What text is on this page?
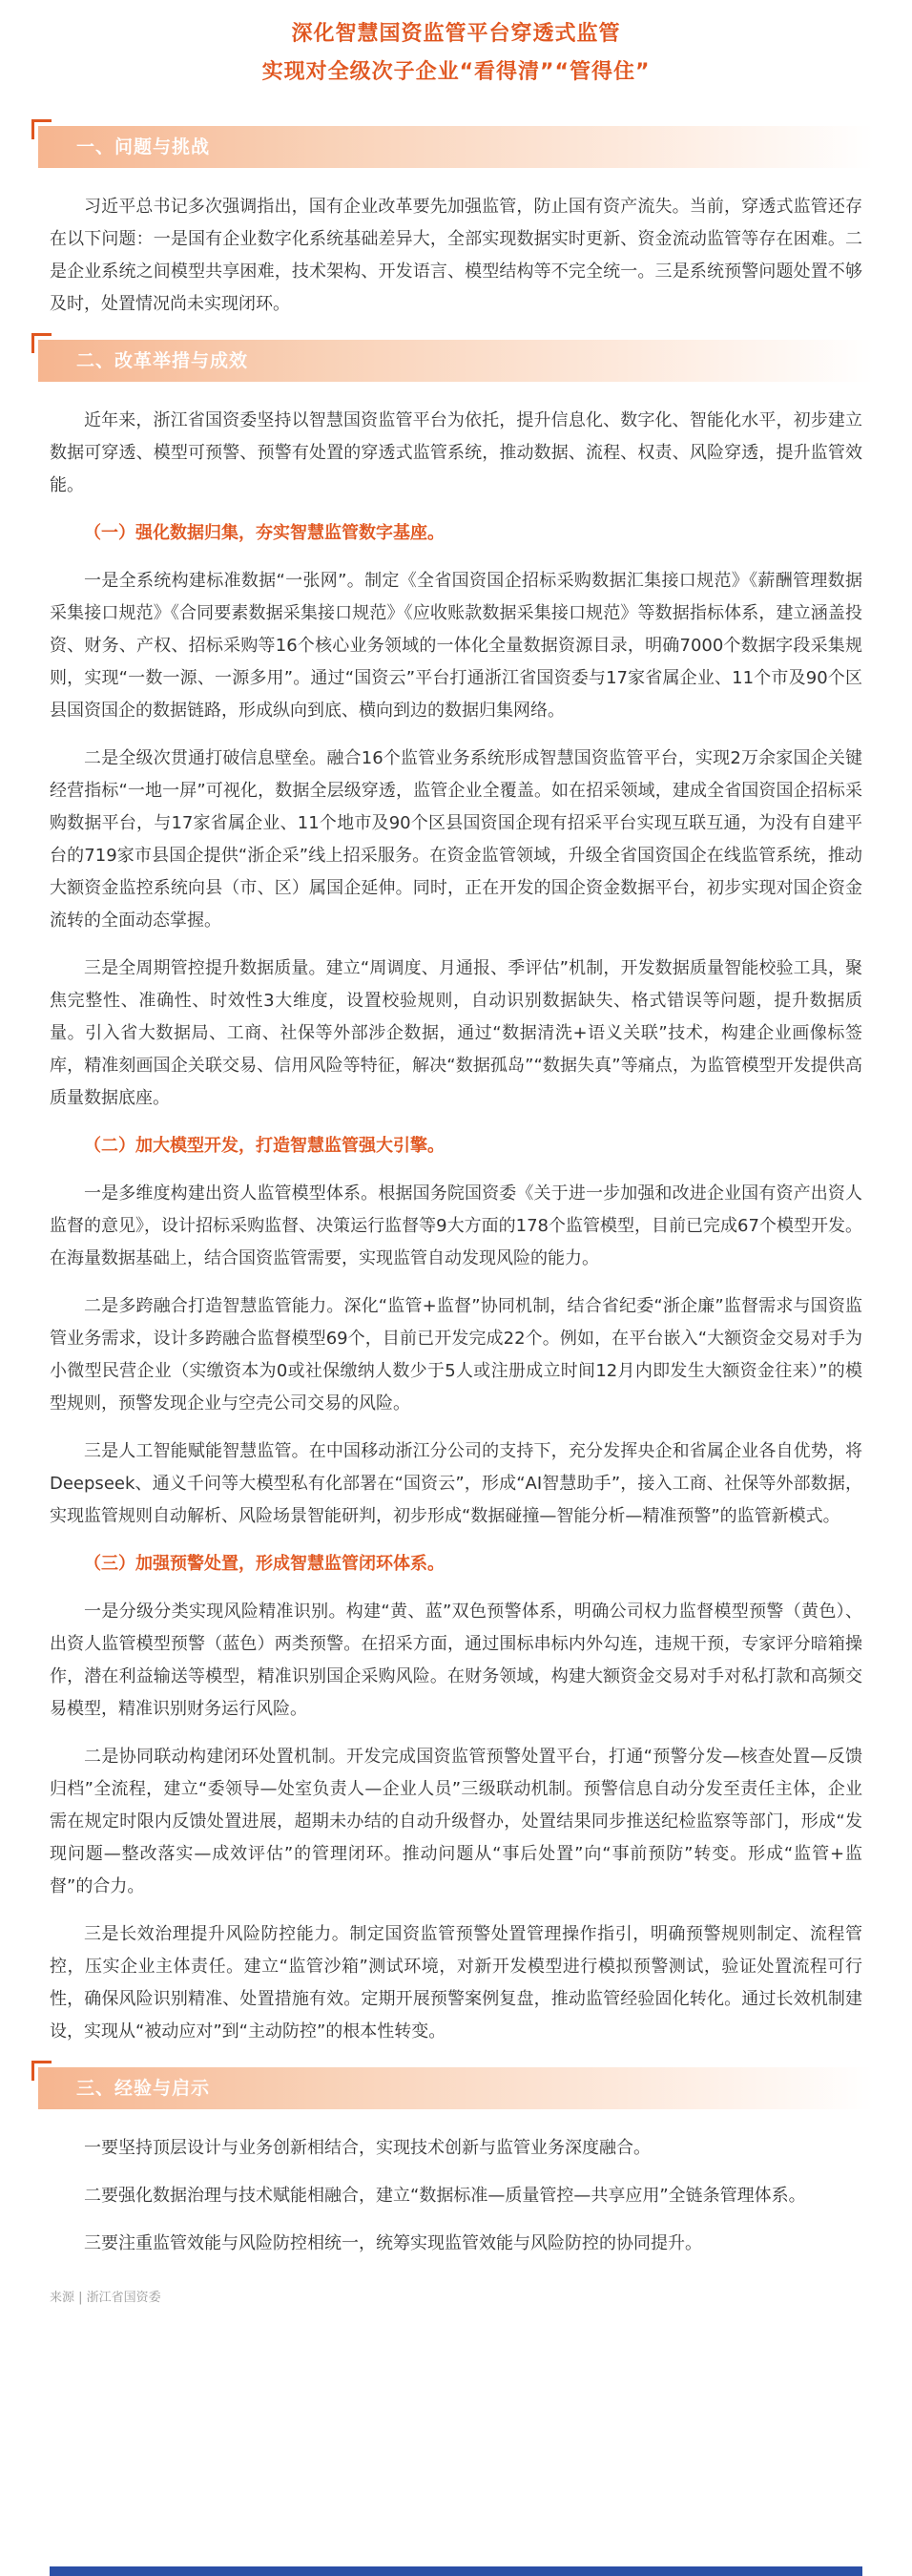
深化智慧国资监管平台穿透式监管
实现对全级次子企业“看得清”“管得住”
一、问题与挑战

习近平总书记多次强调指出，国有企业改革要先加强监管，防止国有资产流失。当前，穿透式监管还存在以下问题：一是国有企业数字化系统基础差异大，全部实现数据实时更新、资金流动监管等存在困难。二是企业系统之间模型共享困难，技术架构、开发语言、模型结构等不完全统一。三是系统预警问题处置不够及时，处置情况尚未实现闭环。

二、改革举措与成效

近年来，浙江省国资委坚持以智慧国资监管平台为依托，提升信息化、数字化、智能化水平，初步建立数据可穿透、模型可预警、预警有处置的穿透式监管系统，推动数据、流程、权责、风险穿透，提升监管效能。

（一）强化数据归集，夯实智慧监管数字基座。

一是全系统构建标准数据“一张网”。制定《全省国资国企招标采购数据汇集接口规范》《薪酬管理数据采集接口规范》《合同要素数据采集接口规范》《应收账款数据采集接口规范》等数据指标体系，建立涵盖投资、财务、产权、招标采购等16个核心业务领域的一体化全量数据资源目录，明确7000个数据字段采集规则，实现“一数一源、一源多用”。通过“国资云”平台打通浙江省国资委与17家省属企业、11个市及90个区县国资国企的数据链路，形成纵向到底、横向到边的数据归集网络。

二是全级次贯通打破信息壁垒。融合16个监管业务系统形成智慧国资监管平台，实现2万余家国企关键经营指标“一地一屏”可视化，数据全层级穿透，监管企业全覆盖。如在招采领域，建成全省国资国企招标采购数据平台，与17家省属企业、11个地市及90个区县国资国企现有招采平台实现互联互通，为没有自建平台的719家市县国企提供“浙企采”线上招采服务。在资金监管领域，升级全省国资国企在线监管系统，推动大额资金监控系统向县（市、区）属国企延伸。同时，正在开发的国企资金数据平台，初步实现对国企资金流转的全面动态掌握。

三是全周期管控提升数据质量。建立“周调度、月通报、季评估”机制，开发数据质量智能校验工具，聚焦完整性、准确性、时效性3大维度，设置校验规则，自动识别数据缺失、格式错误等问题，提升数据质量。引入省大数据局、工商、社保等外部涉企数据，通过“数据清洗+语义关联”技术，构建企业画像标签库，精准刻画国企关联交易、信用风险等特征，解决“数据孤岛”“数据失真”等痛点，为监管模型开发提供高质量数据底座。

（二）加大模型开发，打造智慧监管强大引擎。

一是多维度构建出资人监管模型体系。根据国务院国资委《关于进一步加强和改进企业国有资产出资人监督的意见》，设计招标采购监督、决策运行监督等9大方面的178个监管模型，目前已完成67个模型开发。在海量数据基础上，结合国资监管需要，实现监管自动发现风险的能力。

二是多跨融合打造智慧监管能力。深化“监管+监督”协同机制，结合省纪委“浙企廉”监督需求与国资监管业务需求，设计多跨融合监督模型69个，目前已开发完成22个。例如，在平台嵌入“大额资金交易对手为小微型民营企业（实缴资本为0或社保缴纳人数少于5人或注册成立时间12月内即发生大额资金往来）”的模型规则，预警发现企业与空壳公司交易的风险。

三是人工智能赋能智慧监管。在中国移动浙江分公司的支持下，充分发挥央企和省属企业各自优势，将Deepseek、通义千问等大模型私有化部署在“国资云”，形成“AI智慧助手”，接入工商、社保等外部数据，实现监管规则自动解析、风险场景智能研判，初步形成“数据碰撞—智能分析—精准预警”的监管新模式。

（三）加强预警处置，形成智慧监管闭环体系。

一是分级分类实现风险精准识别。构建“黄、蓝”双色预警体系，明确公司权力监督模型预警（黄色）、出资人监管模型预警（蓝色）两类预警。在招采方面，通过围标串标内外勾连，违规干预，专家评分暗箱操作，潜在利益输送等模型，精准识别国企采购风险。在财务领域，构建大额资金交易对手对私打款和高频交易模型，精准识别财务运行风险。

二是协同联动构建闭环处置机制。开发完成国资监管预警处置平台，打通“预警分发—核查处置—反馈归档”全流程，建立“委领导—处室负责人—企业人员”三级联动机制。预警信息自动分发至责任主体，企业需在规定时限内反馈处置进展，超期未办结的自动升级督办，处置结果同步推送纪检监察等部门，形成“发现问题—整改落实—成效评估”的管理闭环。推动问题从“事后处置”向“事前预防”转变。形成“监管+监督”的合力。

三是长效治理提升风险防控能力。制定国资监管预警处置管理操作指引，明确预警规则制定、流程管控，压实企业主体责任。建立“监管沙箱”测试环境，对新开发模型进行模拟预警测试，验证处置流程可行性，确保风险识别精准、处置措施有效。定期开展预警案例复盘，推动监管经验固化转化。通过长效机制建设，实现从“被动应对”到“主动防控”的根本性转变。

三、经验与启示

一要坚持顶层设计与业务创新相结合，实现技术创新与监管业务深度融合。

二要强化数据治理与技术赋能相融合，建立“数据标准—质量管控—共享应用”全链条管理体系。

三要注重监管效能与风险防控相统一，统筹实现监管效能与风险防控的协同提升。

来源 | 浙江省国资委
